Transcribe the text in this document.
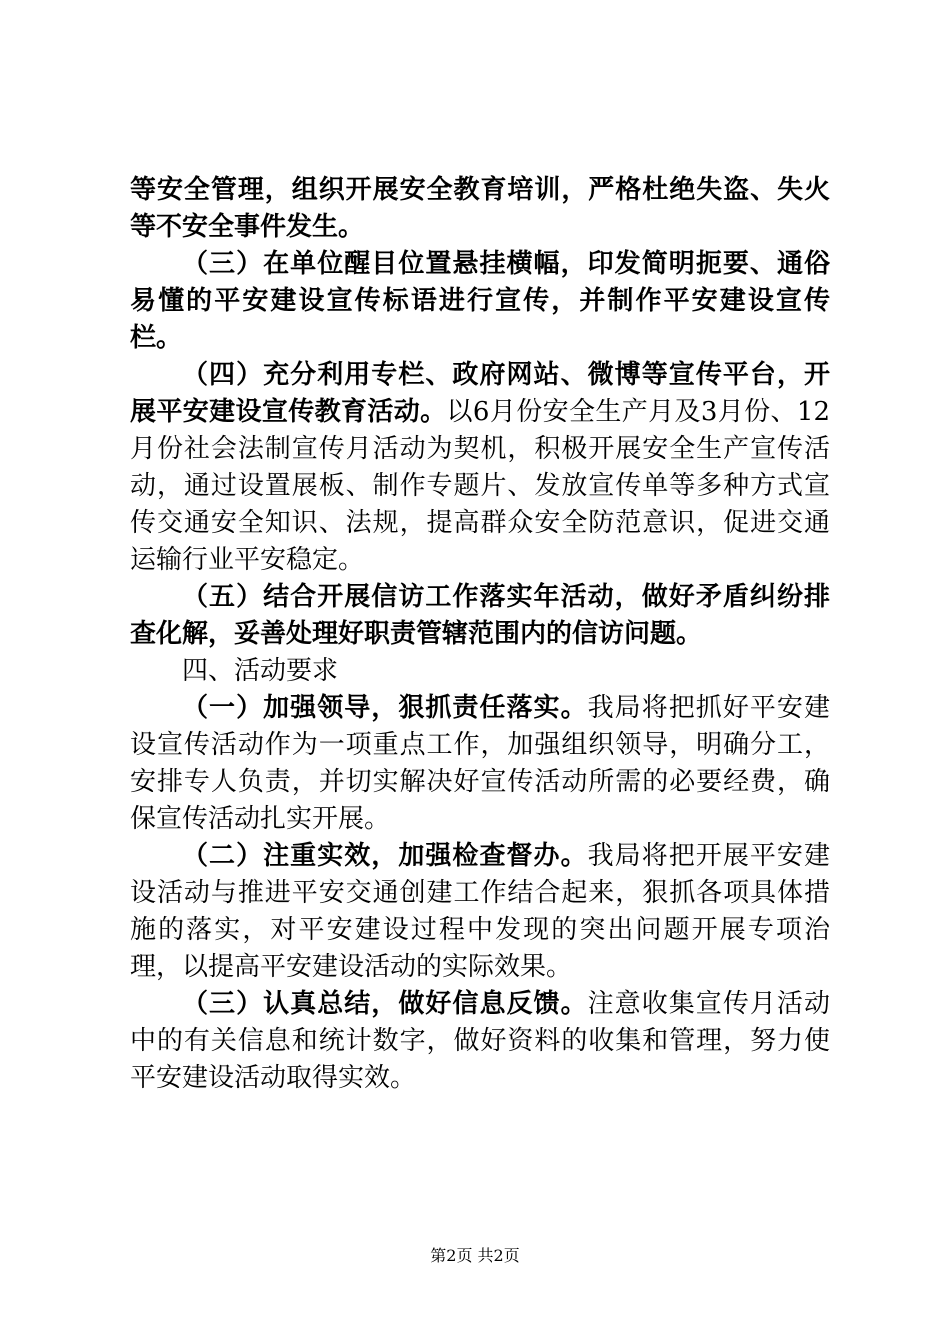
等安全管理，组织开展安全教育培训，严格杜绝失盗、失火等不安全事件发生。

（三）在单位醒目位置悬挂横幅，印发简明扼要、通俗易懂的平安建设宣传标语进行宣传，并制作平安建设宣传栏。

（四）充分利用专栏、政府网站、微博等宣传平台，开展平安建设宣传教育活动。以6月份安全生产月及3月份、12月份社会法制宣传月活动为契机，积极开展安全生产宣传活动，通过设置展板、制作专题片、发放宣传单等多种方式宣传交通安全知识、法规，提高群众安全防范意识，促进交通运输行业平安稳定。

（五）结合开展信访工作落实年活动，做好矛盾纠纷排查化解，妥善处理好职责管辖范围内的信访问题。

四、活动要求

（一）加强领导，狠抓责任落实。我局将把抓好平安建设宣传活动作为一项重点工作，加强组织领导，明确分工，安排专人负责，并切实解决好宣传活动所需的必要经费，确保宣传活动扎实开展。

（二）注重实效，加强检查督办。我局将把开展平安建设活动与推进平安交通创建工作结合起来，狠抓各项具体措施的落实，对平安建设过程中发现的突出问题开展专项治理，以提高平安建设活动的实际效果。

（三）认真总结，做好信息反馈。注意收集宣传月活动中的有关信息和统计数字，做好资料的收集和管理，努力使平安建设活动取得实效。

第2页 共2页
